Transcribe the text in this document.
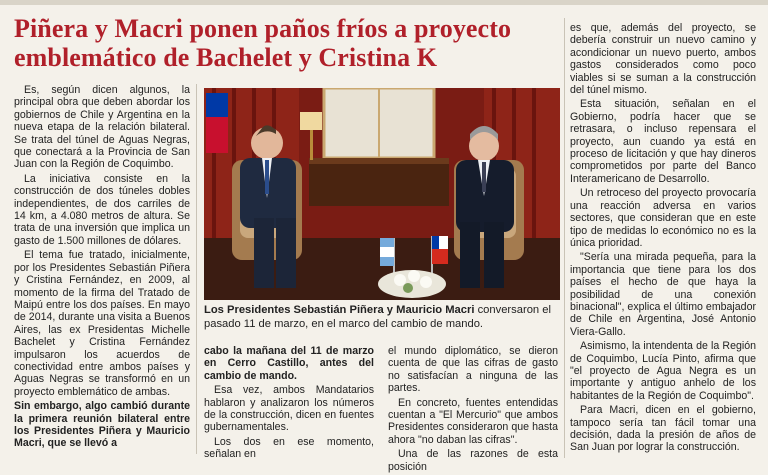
Piñera y Macri ponen paños fríos a proyecto emblemático de Bachelet y Cristina K

Es, según dicen algunos, la principal obra que deben abordar los gobiernos de Chile y Argentina en la nueva etapa de la relación bilateral. Se trata del túnel de Aguas Negras, que conectará a la Provincia de San Juan con la Región de Coquimbo.

La iniciativa consiste en la construcción de dos túneles dobles independientes, de dos carriles de 14 km, a 4.080 metros de altura. Se trata de una inversión que implica un gasto de 1.500 millones de dólares.

El tema fue tratado, inicialmente, por los Presidentes Sebastián Piñera y Cristina Fernández, en 2009, al momento de la firma del Tratado de Maipú entre los dos países. En mayo de 2014, durante una visita a Buenos Aires, las ex Presidentas Michelle Bachelet y Cristina Fernández impulsaron los acuerdos de conectividad entre ambos países y Aguas Negras se transformó en un proyecto emblemático de ambas.

Sin embargo, algo cambió durante la primera reunión bilateral entre los Presidentes Piñera y Mauricio Macri, que se llevó a

Los Presidentes Sebastián Piñera y Mauricio Macri conversaron el pasado 11 de marzo, en el marco del cambio de mando.

cabo la mañana del 11 de marzo en Cerro Castillo, antes del cambio de mando.

Esa vez, ambos Mandatarios hablaron y analizaron los números de la construcción, dicen en fuentes gubernamentales.

Los dos en ese momento, señalan en

el mundo diplomático, se dieron cuenta de que las cifras de gasto no satisfacían a ninguna de las partes.

En concreto, fuentes entendidas cuentan a "El Mercurio" que ambos Presidentes consideraron que hasta ahora "no daban las cifras".

Una de las razones de esta posición

es que, además del proyecto, se debería construir un nuevo camino y acondicionar un nuevo puerto, ambos gastos considerados como poco viables si se suman a la construcción del túnel mismo.

Esta situación, señalan en el Gobierno, podría hacer que se retrasara, o incluso repensara el proyecto, aun cuando ya está en proceso de licitación y que hay dineros comprometidos por parte del Banco Interamericano de Desarrollo.

Un retroceso del proyecto provocaría una reacción adversa en varios sectores, que consideran que en este tipo de medidas lo económico no es la única prioridad.

"Sería una mirada pequeña, para la importancia que tiene para los dos países el hecho de que haya la posibilidad de una conexión binacional", explica el último embajador de Chile en Argentina, José Antonio Viera-Gallo.

Asimismo, la intendenta de la Región de Coquimbo, Lucía Pinto, afirma que "el proyecto de Agua Negra es un importante y antiguo anhelo de los habitantes de la Región de Coquimbo".

Para Macri, dicen en el gobierno, tampoco sería tan fácil tomar una decisión, dada la presión de años de San Juan por lograr la construcción.
